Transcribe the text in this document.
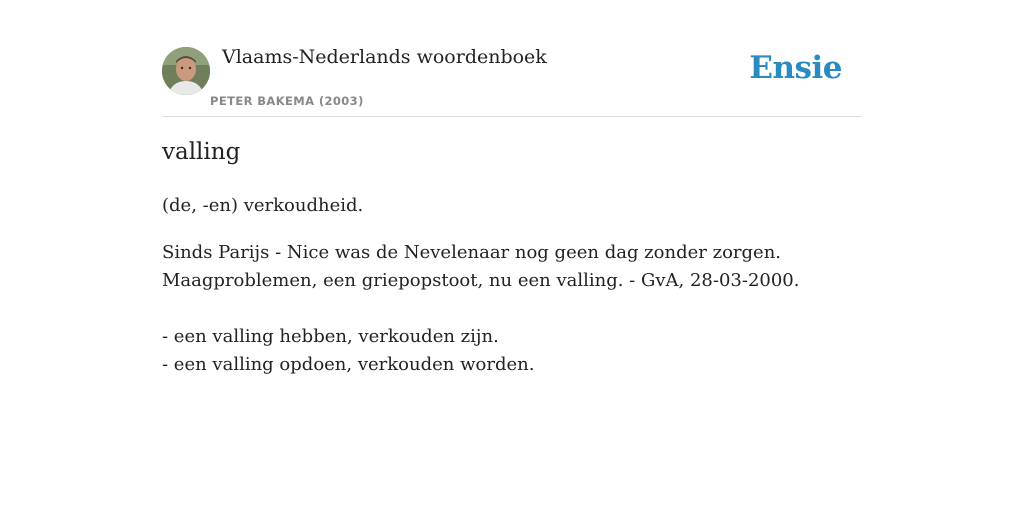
Vlaams-Nederlands woordenboek
PETER BAKEMA (2003)
Ensie
valling
(de, -en) verkoudheid.
Sinds Parijs - Nice was de Nevelenaar nog geen dag zonder zorgen.
Maagproblemen, een griepopstoot, nu een valling. - GvA, 28-03-2000.
- een valling hebben, verkouden zijn.
- een valling opdoen, verkouden worden.
